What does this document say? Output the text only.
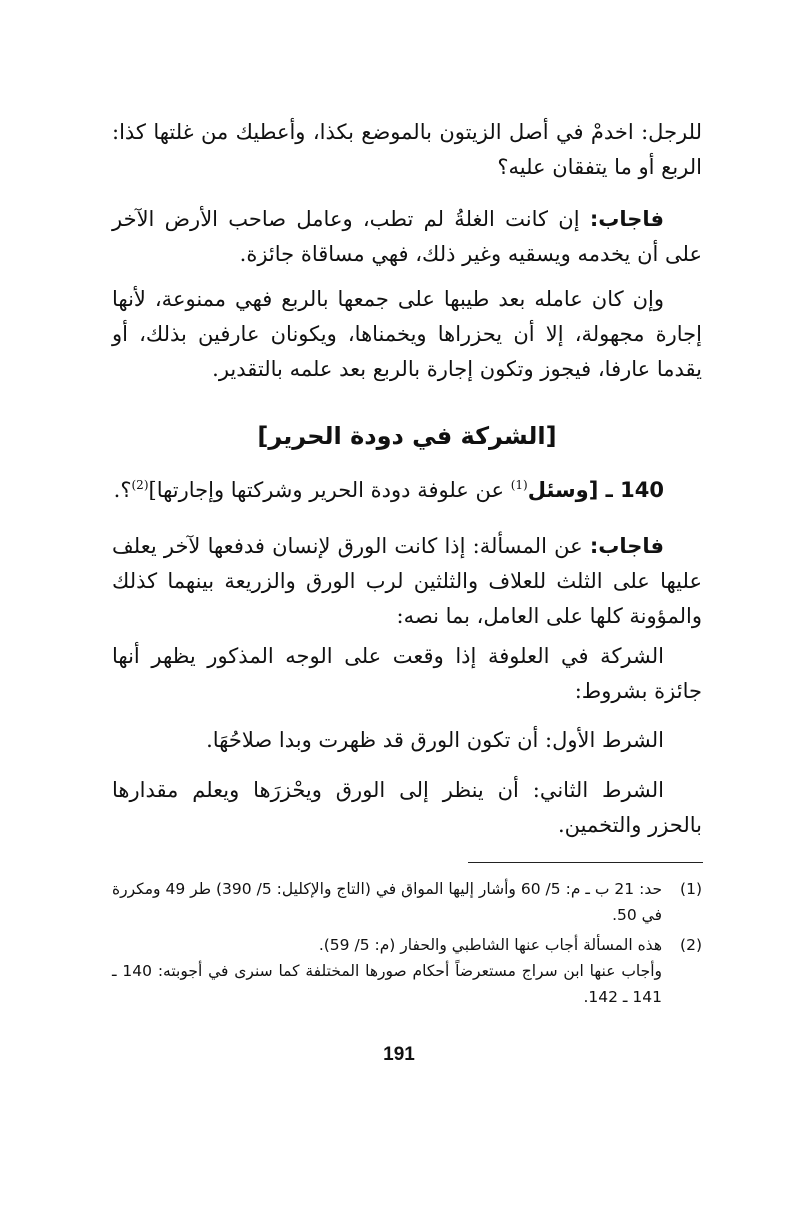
للرجل: اخدمْ في أصل الزيتون بالموضع بكذا، وأعطيك من غلتها كذا: الربع أو ما يتفقان عليه؟
فاجاب: إن كانت الغلةُ لم تطب، وعامل صاحب الأرض الآخر على أن يخدمه ويسقيه وغير ذلك، فهي مساقاة جائزة.
وإن كان عامله بعد طيبها على جمعها بالربع فهي ممنوعة، لأنها إجارة مجهولة، إلا أن يحزراها ويخمناها، ويكونان عارفين بذلك، أو يقدما عارفا، فيجوز وتكون إجارة بالربع بعد علمه بالتقدير.
[الشركة في دودة الحرير]
140 ـ [وسئل$^{(1)}$ عن علوفة دودة الحرير وشركتها وإجارتها]$^{(2)}$؟.
فاجاب: عن المسألة: إذا كانت الورق لإنسان فدفعها لآخر يعلف عليها على الثلث للعلاف والثلثين لرب الورق والزريعة بينهما كذلك والمؤونة كلها على العامل، بما نصه:
الشركة في العلوفة إذا وقعت على الوجه المذكور يظهر أنها جائزة بشروط:
الشرط الأول: أن تكون الورق قد ظهرت وبدا صلاحُهَا.
الشرط الثاني: أن ينظر إلى الورق ويحْزرَها ويعلم مقدارها بالحزر والتخمين.
(1)
حد: 21 ب ـ م: 5/ 60 وأشار إليها المواق في (التاج والإكليل: 5/ 390) طر 49 ومكررة في 50.
(2)
هذه المسألة أجاب عنها الشاطبي والحفار (م: 5/ 59).
وأجاب عنها ابن سراج مستعرضاً أحكام صورها المختلفة كما سنرى في أجوبته: 140 ـ 141 ـ 142.
191
